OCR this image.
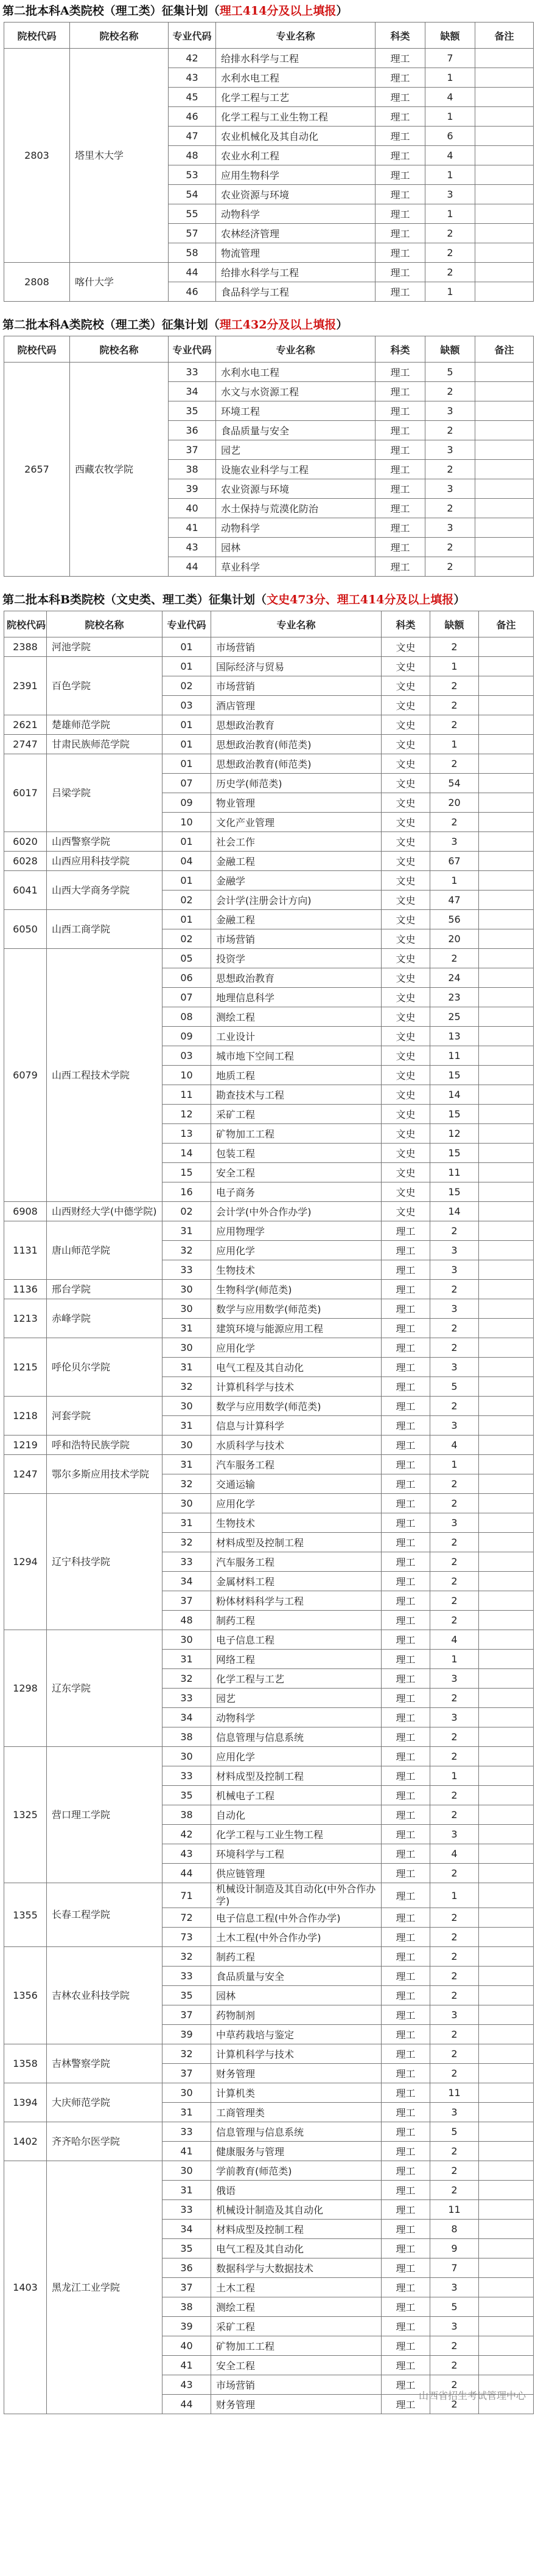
第二批本科A类院校（理工类）征集计划（理工414分及以上填报）
院校代码	院校名称	专业代码	专业名称	科类	缺额	备注
2803	塔里木大学	42	给排水科学与工程	理工	7	
		43	水利水电工程	理工	1	
		45	化学工程与工艺	理工	4	
		46	化学工程与工业生物工程	理工	1	
		47	农业机械化及其自动化	理工	6	
		48	农业水利工程	理工	4	
		53	应用生物科学	理工	1	
		54	农业资源与环境	理工	3	
		55	动物科学	理工	1	
		57	农林经济管理	理工	2	
		58	物流管理	理工	2	
2808	喀什大学	44	给排水科学与工程	理工	2	
		46	食品科学与工程	理工	1	
第二批本科A类院校（理工类）征集计划（理工432分及以上填报）
院校代码	院校名称	专业代码	专业名称	科类	缺额	备注
2657	西藏农牧学院	33	水利水电工程	理工	5	
		34	水文与水资源工程	理工	2	
		35	环境工程	理工	3	
		36	食品质量与安全	理工	2	
		37	园艺	理工	3	
		38	设施农业科学与工程	理工	2	
		39	农业资源与环境	理工	3	
		40	水土保持与荒漠化防治	理工	2	
		41	动物科学	理工	3	
		43	园林	理工	2	
		44	草业科学	理工	2	
第二批本科B类院校（文史类、理工类）征集计划（文史473分、理工414分及以上填报）
院校代码	院校名称	专业代码	专业名称	科类	缺额	备注
2388	河池学院	01	市场营销	文史	2	
2391	百色学院	01	国际经济与贸易	文史	1	
		02	市场营销	文史	2	
		03	酒店管理	文史	2	
2621	楚雄师范学院	01	思想政治教育	文史	2	
2747	甘肃民族师范学院	01	思想政治教育(师范类)	文史	1	
6017	吕梁学院	01	思想政治教育(师范类)	文史	2	
		07	历史学(师范类)	文史	54	
		09	物业管理	文史	20	
		10	文化产业管理	文史	2	
6020	山西警察学院	01	社会工作	文史	3	
6028	山西应用科技学院	04	金融工程	文史	67	
6041	山西大学商务学院	01	金融学	文史	1	
		02	会计学(注册会计方向)	文史	47	
6050	山西工商学院	01	金融工程	文史	56	
		02	市场营销	文史	20	
6079	山西工程技术学院	05	投资学	文史	2	
		06	思想政治教育	文史	24	
		07	地理信息科学	文史	23	
		08	测绘工程	文史	25	
		09	工业设计	文史	13	
		03	城市地下空间工程	文史	11	
		10	地质工程	文史	15	
		11	勘查技术与工程	文史	14	
		12	采矿工程	文史	15	
		13	矿物加工工程	文史	12	
		14	包装工程	文史	15	
		15	安全工程	文史	11	
		16	电子商务	文史	15	
6908	山西财经大学(中德学院)	02	会计学(中外合作办学)	文史	14	
1131	唐山师范学院	31	应用物理学	理工	2	
		32	应用化学	理工	3	
		33	生物技术	理工	3	
1136	邢台学院	30	生物科学(师范类)	理工	2	
1213	赤峰学院	30	数学与应用数学(师范类)	理工	3	
		31	建筑环境与能源应用工程	理工	2	
1215	呼伦贝尔学院	30	应用化学	理工	2	
		31	电气工程及其自动化	理工	3	
		32	计算机科学与技术	理工	5	
1218	河套学院	30	数学与应用数学(师范类)	理工	2	
		31	信息与计算科学	理工	3	
1219	呼和浩特民族学院	30	水质科学与技术	理工	4	
1247	鄂尔多斯应用技术学院	31	汽车服务工程	理工	1	
		32	交通运输	理工	2	
1294	辽宁科技学院	30	应用化学	理工	2	
		31	生物技术	理工	3	
		32	材料成型及控制工程	理工	2	
		33	汽车服务工程	理工	2	
		34	金属材料工程	理工	2	
		37	粉体材料科学与工程	理工	2	
		48	制药工程	理工	2	
1298	辽东学院	30	电子信息工程	理工	4	
		31	网络工程	理工	1	
		32	化学工程与工艺	理工	3	
		33	园艺	理工	2	
		34	动物科学	理工	3	
		38	信息管理与信息系统	理工	2	
1325	营口理工学院	30	应用化学	理工	2	
		33	材料成型及控制工程	理工	1	
		35	机械电子工程	理工	2	
		38	自动化	理工	2	
		42	化学工程与工业生物工程	理工	3	
		43	环境科学与工程	理工	4	
		44	供应链管理	理工	2	
1355	长春工程学院	71	机械设计制造及其自动化(中外合作办学)	理工	1	
		72	电子信息工程(中外合作办学)	理工	2	
		73	土木工程(中外合作办学)	理工	2	
1356	吉林农业科技学院	32	制药工程	理工	2	
		33	食品质量与安全	理工	2	
		35	园林	理工	2	
		37	药物制剂	理工	3	
		39	中草药栽培与鉴定	理工	2	
1358	吉林警察学院	32	计算机科学与技术	理工	2	
		37	财务管理	理工	2	
1394	大庆师范学院	30	计算机类	理工	11	
		31	工商管理类	理工	3	
1402	齐齐哈尔医学院	33	信息管理与信息系统	理工	5	
		41	健康服务与管理	理工	2	
1403	黑龙江工业学院	30	学前教育(师范类)	理工	2	
		31	俄语	理工	2	
		33	机械设计制造及其自动化	理工	11	
		34	材料成型及控制工程	理工	8	
		35	电气工程及其自动化	理工	9	
		36	数据科学与大数据技术	理工	7	
		37	土木工程	理工	3	
		38	测绘工程	理工	5	
		39	采矿工程	理工	3	
		40	矿物加工工程	理工	2	
		41	安全工程	理工	2	
		43	市场营销	理工	2	
		44	财务管理	理工	2	
山西省招生考试管理中心
